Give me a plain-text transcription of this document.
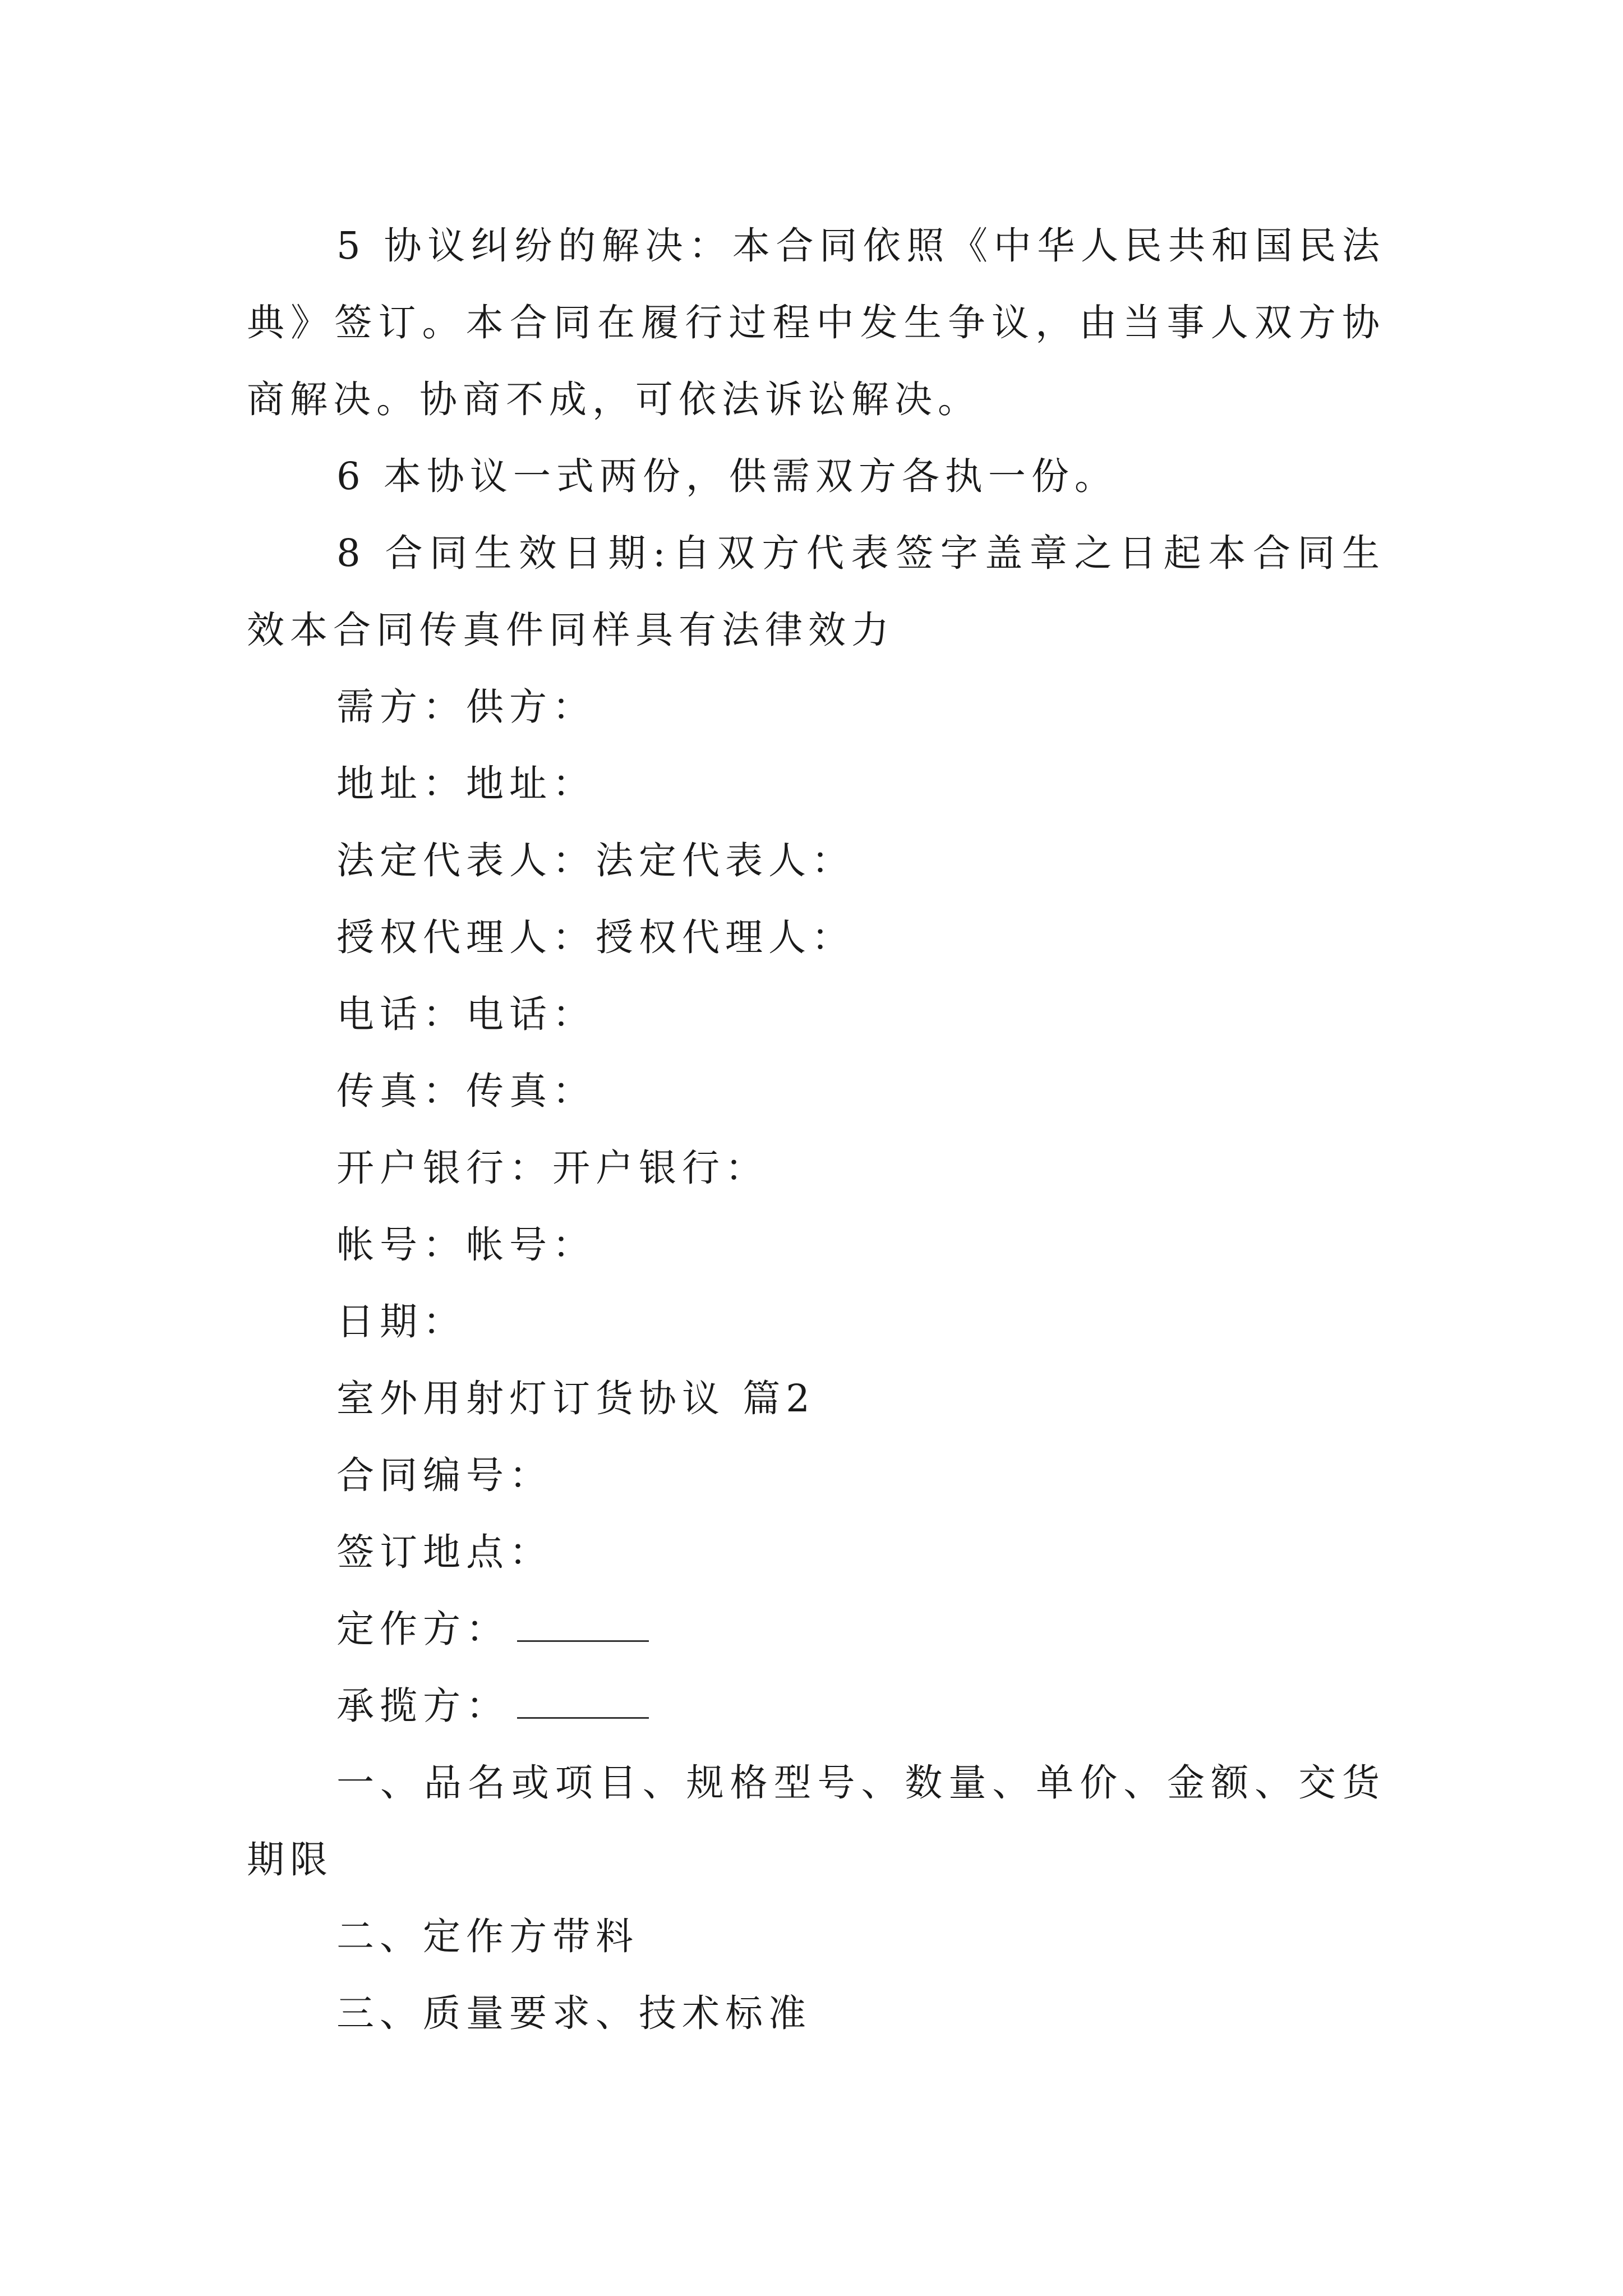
5 协议纠纷的解决：本合同依照《中华人民共和国民法典》签订。本合同在履行过程中发生争议，由当事人双方协商解决。协商不成，可依法诉讼解决。

6 本协议一式两份，供需双方各执一份。

8 合同生效日期:自双方代表签字盖章之日起本合同生效本合同传真件同样具有法律效力

需方：供方：

地址：地址：

法定代表人：法定代表人：

授权代理人：授权代理人：

电话：电话：

传真：传真：

开户银行：开户银行：

帐号：帐号：

日期：

室外用射灯订货协议 篇2

合同编号：

签订地点：

定作方：

承揽方：

一、品名或项目、规格型号、数量、单价、金额、交货期限

二、定作方带料

三、质量要求、技术标准
